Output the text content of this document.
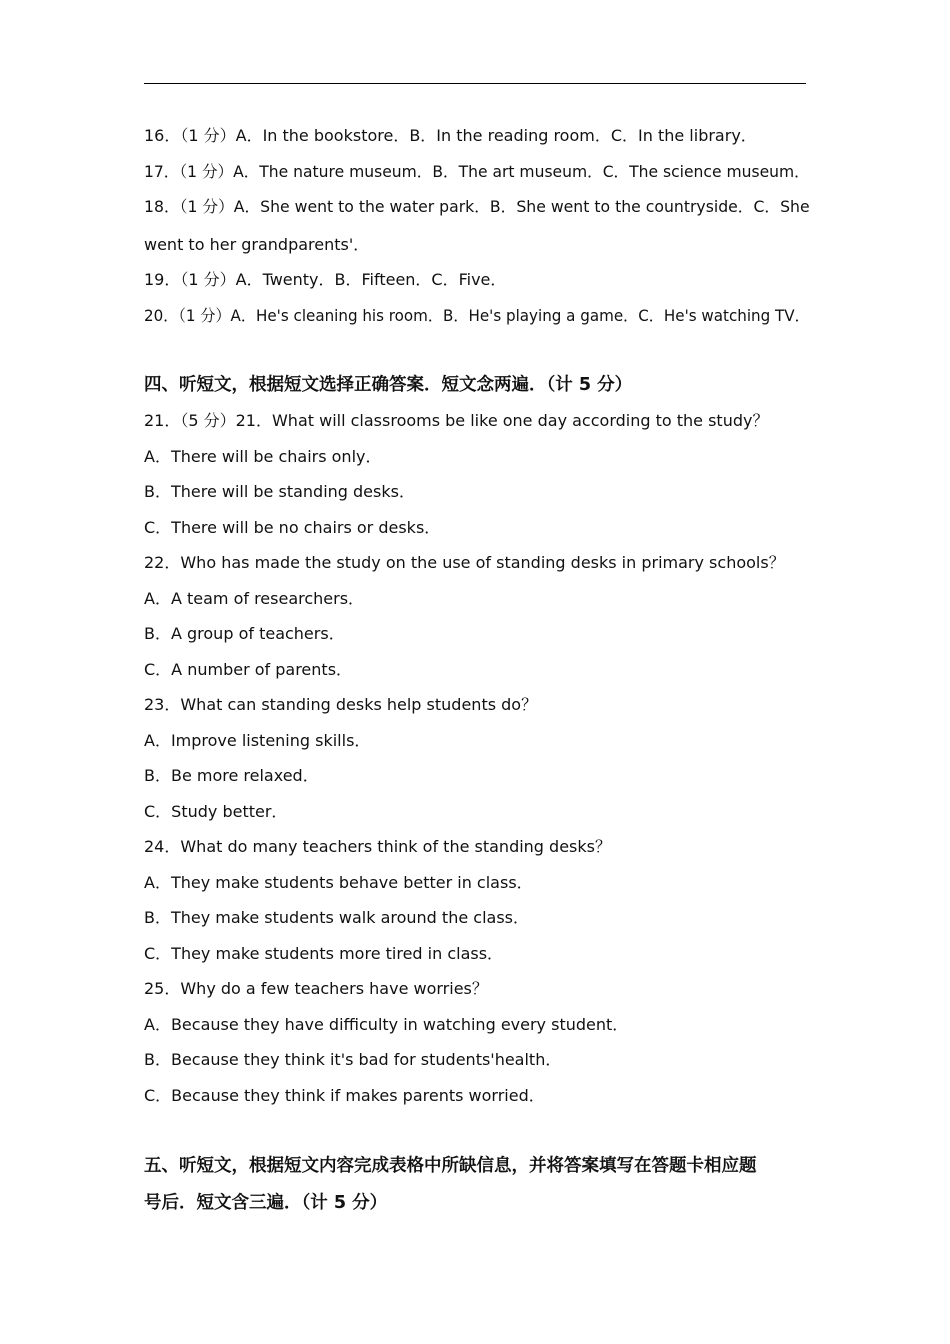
16．（1 分）A．In the bookstore．B．In the reading room．C．In the library．
17．（1 分）A．The nature museum．B．The art museum．C．The science museum．
18．（1 分）A．She went to the water park．B．She went to the countryside．C．She
went to her grandparents'．
19．（1 分）A．Twenty．B．Fifteen．C．Five．
20．（1 分）A．He's cleaning his room．B．He's playing a game．C．He's watching TV．
四、听短文，根据短文选择正确答案．短文念两遍．（计 5 分）
21．（5 分）21．What will classrooms be like one day according to the study？
A．There will be chairs only．
B．There will be standing desks．
C．There will be no chairs or desks．
22．Who has made the study on the use of standing desks in primary schools？
A．A team of researchers．
B．A group of teachers．
C．A number of parents．
23．What can standing desks help students do？
A．Improve listening skills．
B．Be more relaxed．
C．Study better．
24．What do many teachers think of the standing desks？
A．They make students behave better in class．
B．They make students walk around the class．
C．They make students more tired in class．
25．Why do a few teachers have worries？
A．Because they have difficulty in watching every student．
B．Because they think it's bad for students'health．
C．Because they think if makes parents worried．
五、听短文，根据短文内容完成表格中所缺信息，并将答案填写在答题卡相应题
号后．短文含三遍．（计 5 分）
